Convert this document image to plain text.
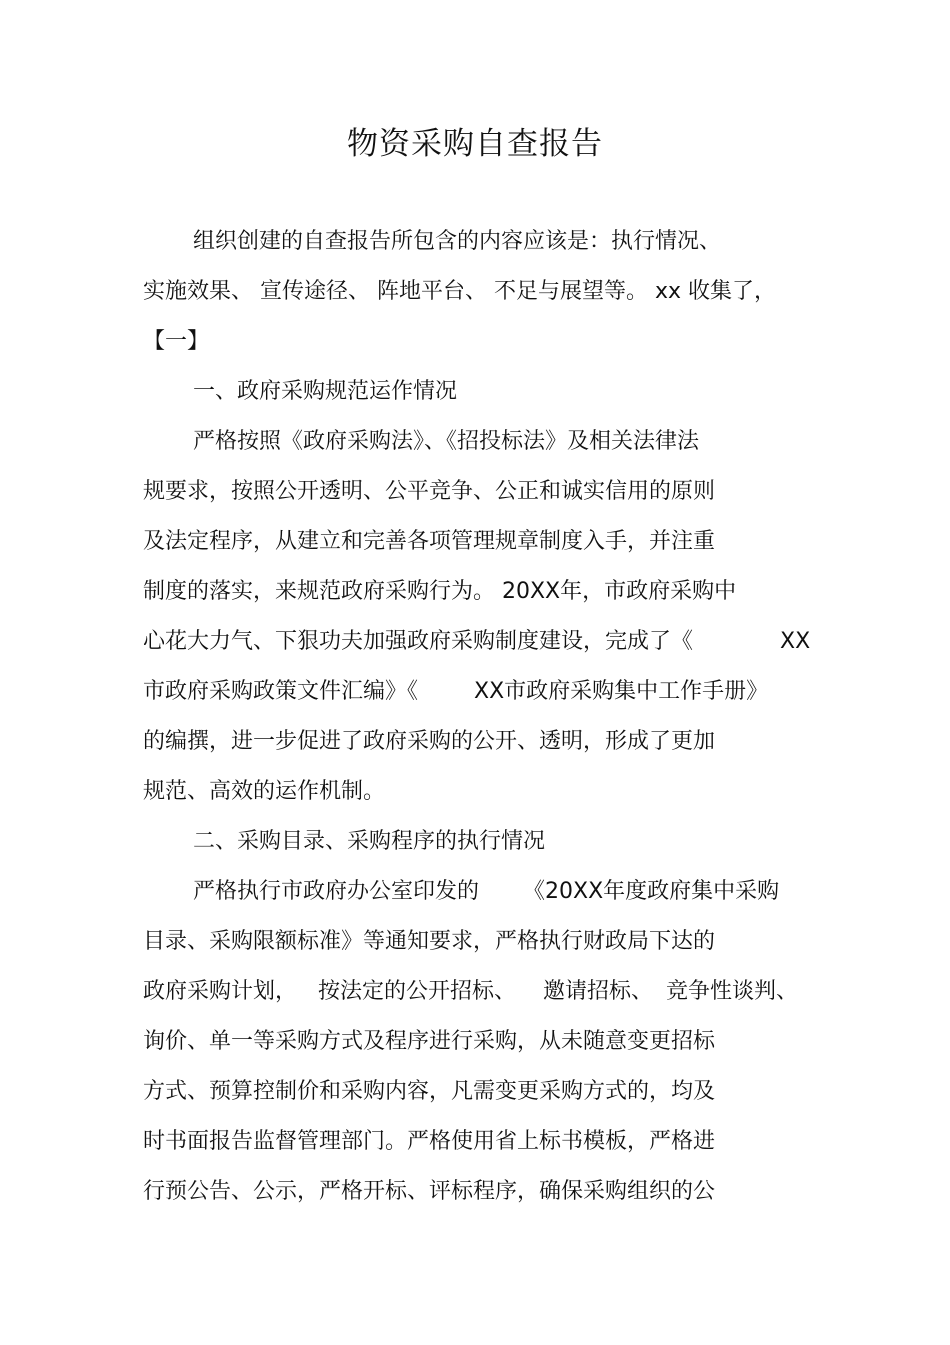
物资采购自查报告
组织创建的自查报告所包含的内容应该是：执行情况、
实施效果、 宣传途径、 阵地平台、 不足与展望等。 xx 收集了，
【一】
一、政府采购规范运作情况
严格按照《政府采购法》、《招投标法》及相关法律法
规要求，按照公开透明、公平竞争、公正和诚实信用的原则
及法定程序，从建立和完善各项管理规章制度入手，并注重
制度的落实，来规范政府采购行为。 20XX年，市政府采购中
心花大力气、下狠功夫加强政府采购制度建设，完成了《	XX
市政府采购政策文件汇编》《	XX市政府采购集中工作手册》
的编撰，进一步促进了政府采购的公开、透明，形成了更加
规范、高效的运作机制。
二、采购目录、采购程序的执行情况
严格执行市政府办公室印发的 《20XX年度政府集中采购
目录、采购限额标准》等通知要求，严格执行财政局下达的
政府采购计划， 按法定的公开招标、 邀请招标、 竞争性谈判、
询价、单一等采购方式及程序进行采购，从未随意变更招标
方式、预算控制价和采购内容，凡需变更采购方式的，均及
时书面报告监督管理部门。严格使用省上标书模板，严格进
行预公告、公示，严格开标、评标程序，确保采购组织的公
